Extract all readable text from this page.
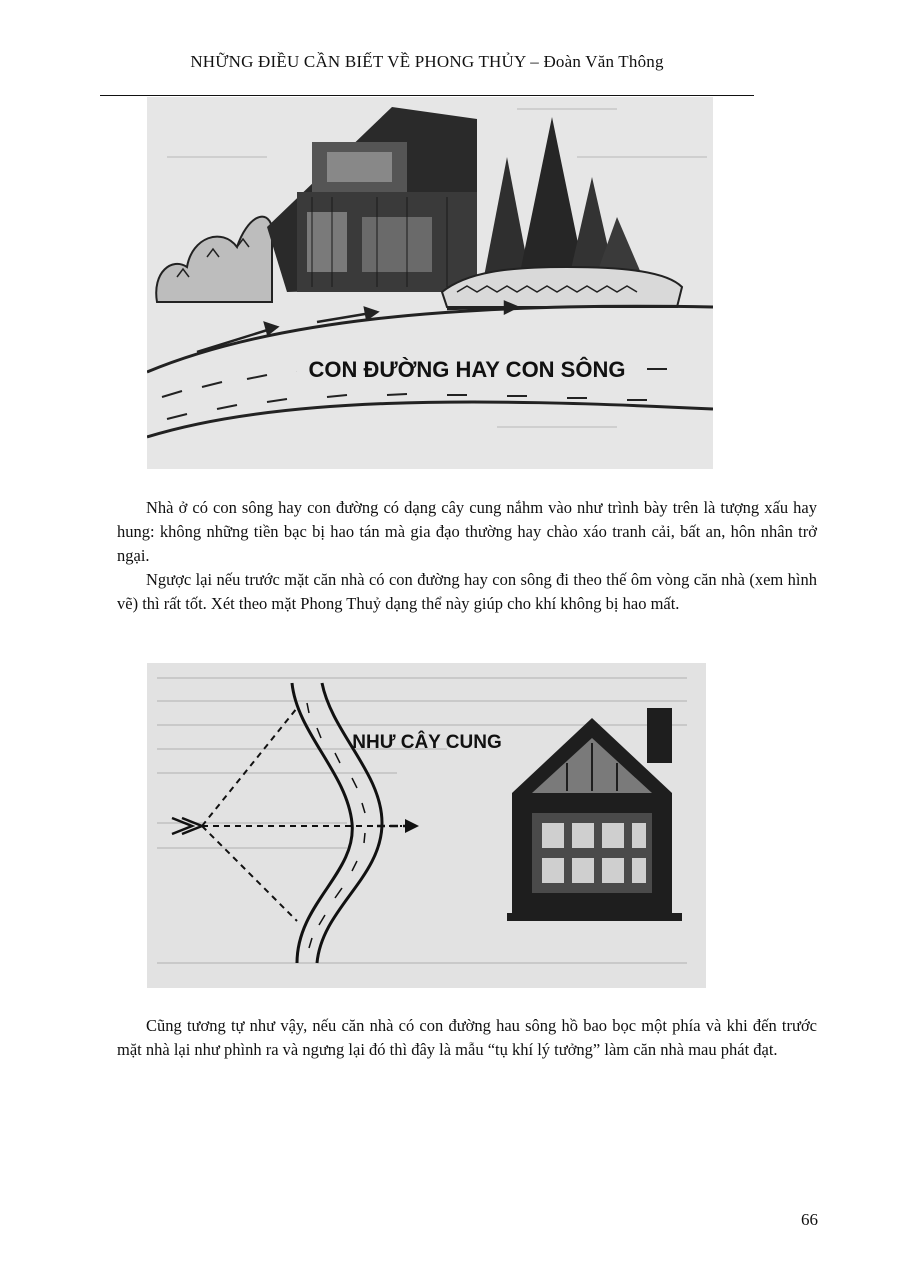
NHỮNG ĐIỀU CẦN BIẾT VỀ PHONG THỦY – Đoàn Văn Thông
CON ĐƯỜNG HAY CON SÔNG

Nhà ở có con sông hay con đường có dạng cây cung nắhm vào như trình bày trên là tượng xấu hay hung: không những tiền bạc bị hao tán mà gia đạo thường hay chào xáo tranh cải, bất an, hôn nhân trở ngại.

Ngược lại nếu trước mặt căn nhà có con đường hay con sông đi theo thế ôm vòng căn nhà (xem hình vẽ) thì rất tốt. Xét theo mặt Phong Thuỷ dạng thể này giúp cho khí không bị hao mất.

NHƯ CÂY CUNG

Cũng tương tự như vậy, nếu căn nhà có con đường hau sông hồ bao bọc một phía và khi đến trước mặt nhà lại như phình ra và ngưng lại đó thì đây là mẫu “tụ khí lý tưởng” làm căn nhà mau phát đạt.

66
